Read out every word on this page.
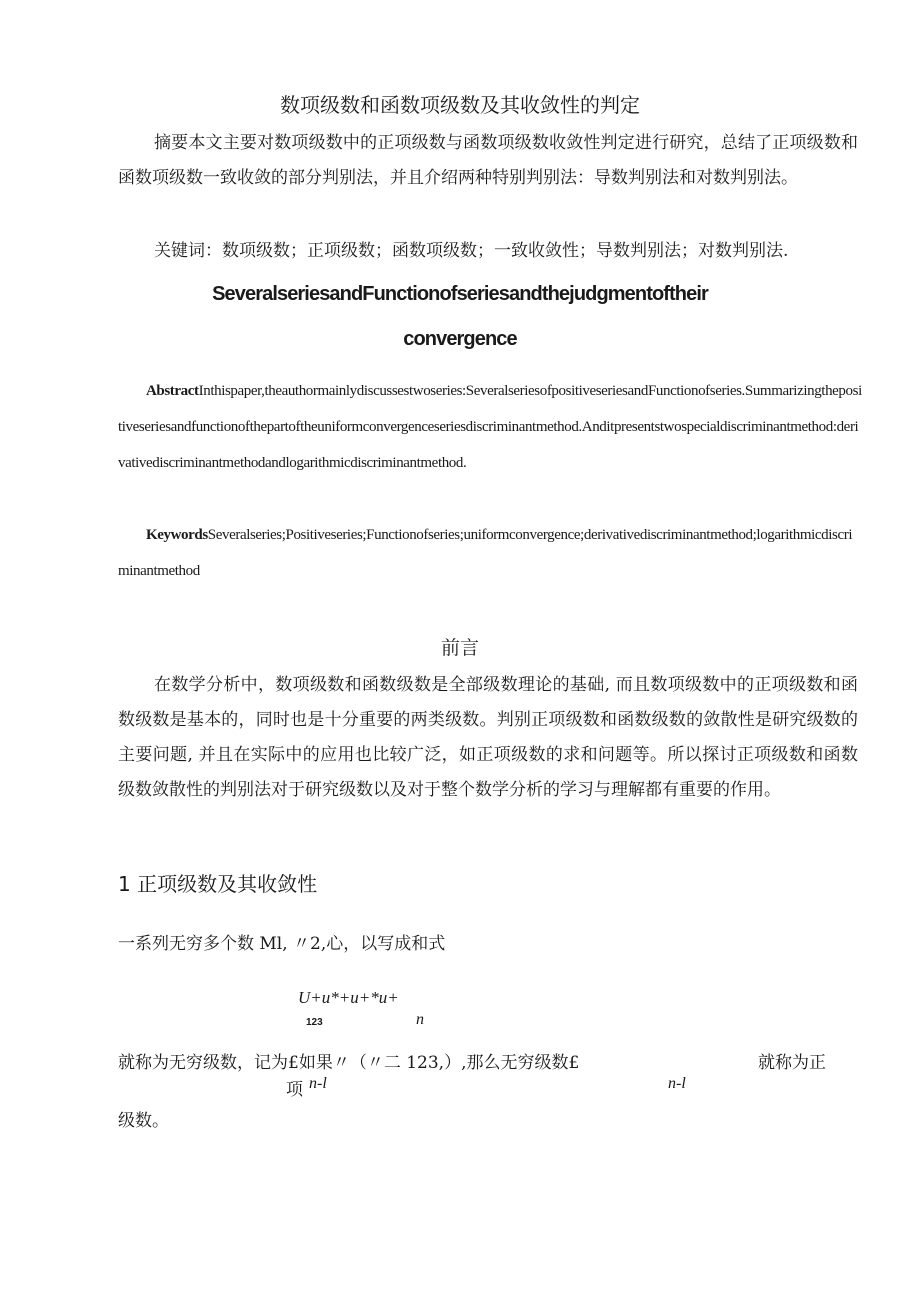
数项级数和函数项级数及其收敛性的判定
摘要本文主要对数项级数中的正项级数与函数项级数收敛性判定进行研究，总结了正项级数和函数项级数一致收敛的部分判别法，并且介绍两种特别判别法：导数判别法和对数判别法。
关键词：数项级数；正项级数；函数项级数；一致收敛性；导数判别法；对数判别法.
SeveralseriesandFunctionofseriesandthejudgmentoftheir
convergence
AbstractInthispaper,theauthormainlydiscussestwoseries:SeveralseriesofpositiveseriesandFunctionofseries.Summarizingthepositiveseriesandfunctionofthepartoftheuniformconvergenceseriesdiscriminantmethod.Anditpresentstwospecialdiscriminantmethod:derivativediscriminantmethodandlogarithmicdiscriminantmethod.
KeywordsSeveralseries;Positiveseries;Functionofseries;uniformconvergence;derivativediscriminantmethod;logarithmicdiscriminantmethod
前言
在数学分析中，数项级数和函数级数是全部级数理论的基础, 而且数项级数中的正项级数和函数级数是基本的，同时也是十分重要的两类级数。判别正项级数和函数级数的敛散性是研究级数的主要问题, 并且在实际中的应用也比较广泛，如正项级数的求和问题等。所以探讨正项级数和函数级数敛散性的判别法对于研究级数以及对于整个数学分析的学习与理解都有重要的作用。
1 正项级数及其收敛性
一系列无穷多个数 Ml, 〃2,心，以写成和式
U+u*+u+*u+
123	n
就称为无穷级数，记为£如果〃（〃二 123,）,那么无穷级数£	就称为正
项 n-l	n-l
级数。
